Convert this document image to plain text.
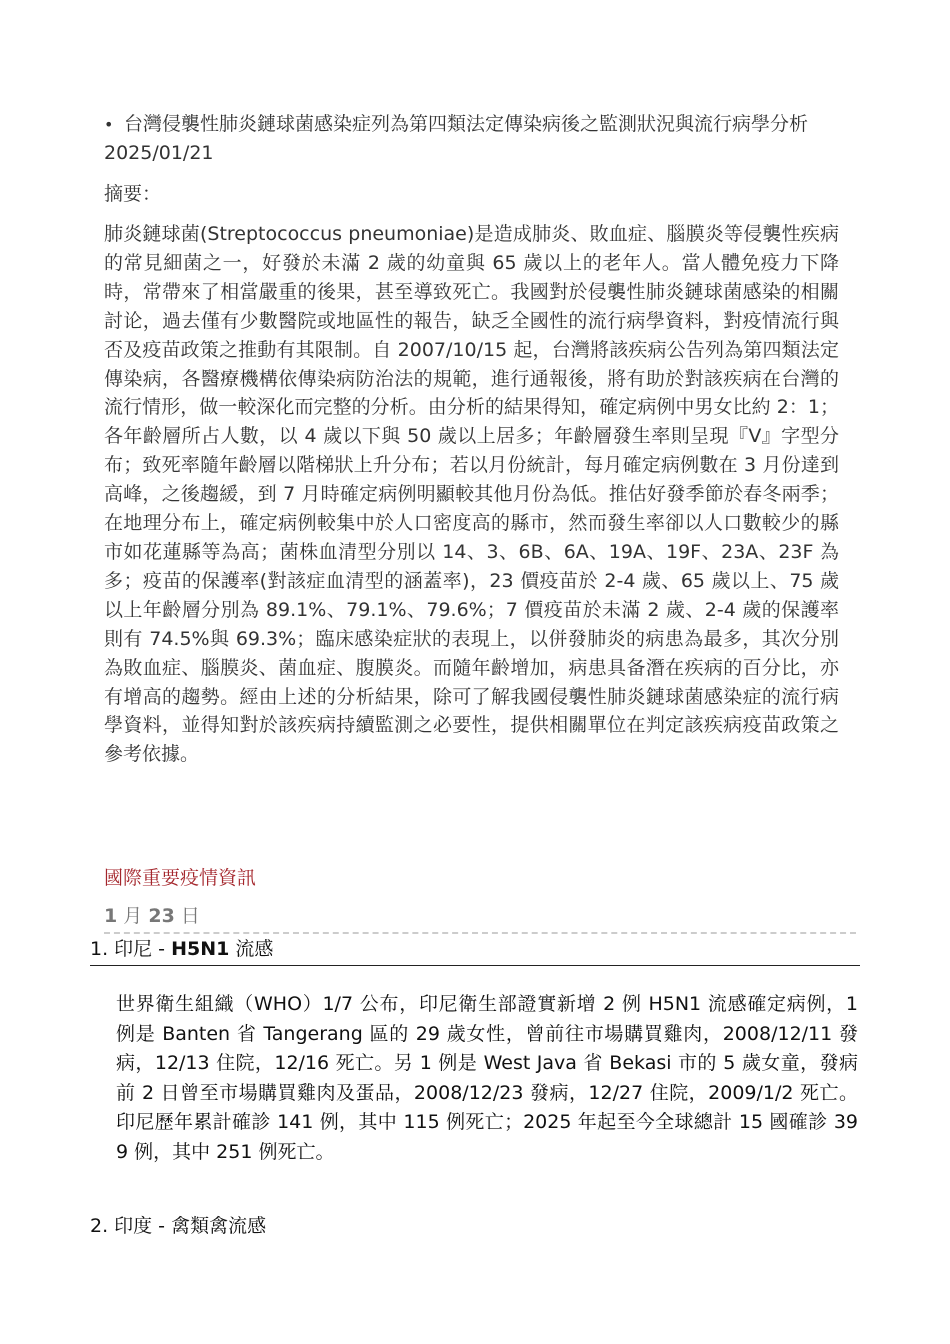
• 台灣侵襲性肺炎鏈球菌感染症列為第四類法定傳染病後之監測狀況與流行病學分析 2025/01/21
摘要：
肺炎鏈球菌(Streptococcus pneumoniae)是造成肺炎、敗血症、腦膜炎等侵襲性疾病的常見細菌之一，好發於未滿 2 歲的幼童與 65 歲以上的老年人。當人體免疫力下降時，常帶來了相當嚴重的後果，甚至導致死亡。我國對於侵襲性肺炎鏈球菌感染的相關討论，過去僅有少數醫院或地區性的報告，缺乏全國性的流行病學資料，對疫情流行與否及疫苗政策之推動有其限制。自 2007/10/15 起，台灣將該疾病公告列為第四類法定傳染病，各醫療機構依傳染病防治法的規範，進行通報後，將有助於對該疾病在台灣的流行情形，做一較深化而完整的分析。由分析的結果得知，確定病例中男女比約 2：1；各年齡層所占人數，以 4 歲以下與 50 歲以上居多；年齡層發生率則呈現『V』字型分布；致死率隨年齡層以階梯狀上升分布；若以月份統計，每月確定病例數在 3 月份達到高峰，之後趨緩，到 7 月時確定病例明顯較其他月份為低。推估好發季節於春冬兩季；在地理分布上，確定病例較集中於人口密度高的縣市，然而發生率卻以人口數較少的縣市如花蓮縣等為高；菌株血清型分別以 14、3、6B、6A、19A、19F、23A、23F 為多；疫苗的保護率(對該症血清型的涵蓋率)，23 價疫苗於 2-4 歲、65 歲以上、75 歲以上年齡層分別為 89.1%、79.1%、79.6%；7 價疫苗於未滿 2 歲、2-4 歲的保護率則有 74.5%與 69.3%；臨床感染症狀的表現上，以併發肺炎的病患為最多，其次分別為敗血症、腦膜炎、菌血症、腹膜炎。而隨年齡增加，病患具备潛在疾病的百分比，亦有增高的趨勢。經由上述的分析結果，除可了解我國侵襲性肺炎鏈球菌感染症的流行病學資料，並得知對於該疾病持續監測之必要性，提供相關單位在判定該疾病疫苗政策之參考依據。
國際重要疫情資訊
1 月 23 日
1. 印尼 - H5N1 流感
世界衛生組織（WHO）1/7 公布，印尼衛生部證實新增 2 例 H5N1 流感確定病例，1 例是 Banten 省 Tangerang 區的 29 歲女性，曾前往市場購買雞肉，2008/12/11 發病，12/13 住院，12/16 死亡。另 1 例是 West Java 省 Bekasi 市的 5 歲女童，發病前 2 日曾至市場購買雞肉及蛋品，2008/12/23 發病，12/27 住院，2009/1/2 死亡。印尼歷年累計確診 141 例，其中 115 例死亡；2025 年起至今全球總計 15 國確診 399 例，其中 251 例死亡。
2. 印度 - 禽類禽流感
